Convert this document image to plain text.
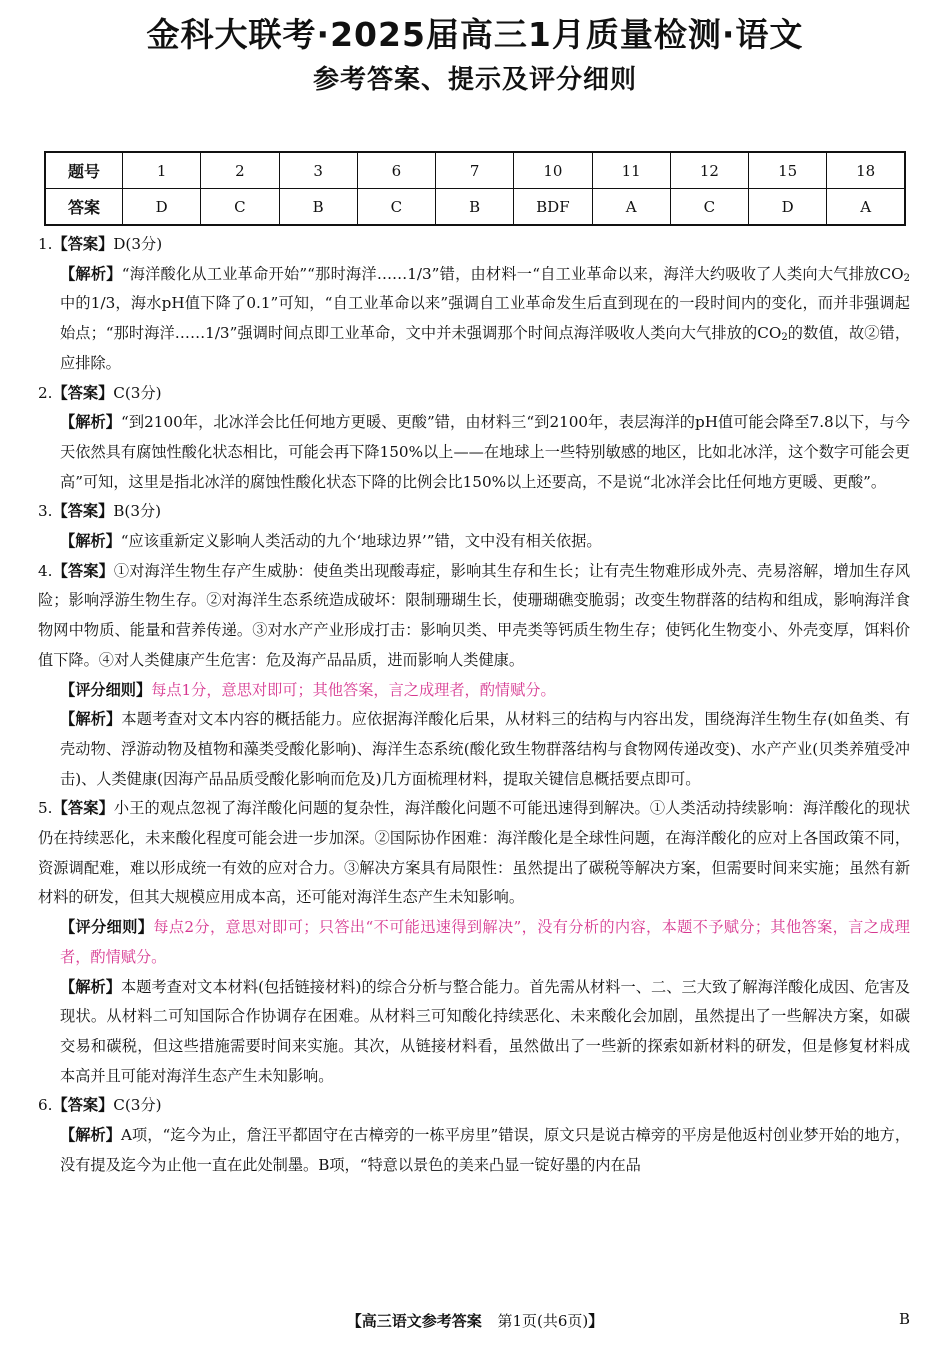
金科大联考·2025届高三1月质量检测·语文
参考答案、提示及评分细则
题号	1	2	3	6	7	10	11	12	15	18
答案	D	C	B	C	B	BDF	A	C	D	A
1.【答案】D(3分)
【解析】“海洋酸化从工业革命开始”“那时海洋……1/3”错，由材料一“自工业革命以来，海洋大约吸收了人类向大气排放$CO_2$中的1/3，海水pH值下降了0.1”可知，“自工业革命以来”强调自工业革命发生后直到现在的一段时间内的变化，而并非强调起始点；“那时海洋……1/3”强调时间点即工业革命，文中并未强调那个时间点海洋吸收人类向大气排放的$CO_2$的数值，故②错，应排除。
2.【答案】C(3分)
【解析】“到2100年，北冰洋会比任何地方更暖、更酸”错，由材料三“到2100年，表层海洋的pH值可能会降至7.8以下，与今天依然具有腐蚀性酸化状态相比，可能会再下降150%以上——在地球上一些特别敏感的地区，比如北冰洋，这个数字可能会更高”可知，这里是指北冰洋的腐蚀性酸化状态下降的比例会比150%以上还要高，不是说“北冰洋会比任何地方更暖、更酸”。
3.【答案】B(3分)
【解析】“应该重新定义影响人类活动的九个‘地球边界’”错，文中没有相关依据。
4.【答案】①对海洋生物生存产生威胁：使鱼类出现酸毒症，影响其生存和生长；让有壳生物难形成外壳、壳易溶解，增加生存风险；影响浮游生物生存。②对海洋生态系统造成破坏：限制珊瑚生长，使珊瑚礁变脆弱；改变生物群落的结构和组成，影响海洋食物网中物质、能量和营养传递。③对水产产业形成打击：影响贝类、甲壳类等钙质生物生存；使钙化生物变小、外壳变厚，饵料价值下降。④对人类健康产生危害：危及海产品品质，进而影响人类健康。
【评分细则】每点1分，意思对即可；其他答案，言之成理者，酌情赋分。
【解析】本题考查对文本内容的概括能力。应依据海洋酸化后果，从材料三的结构与内容出发，围绕海洋生物生存(如鱼类、有壳动物、浮游动物及植物和藻类受酸化影响)、海洋生态系统(酸化致生物群落结构与食物网传递改变)、水产产业(贝类养殖受冲击)、人类健康(因海产品品质受酸化影响而危及)几方面梳理材料，提取关键信息概括要点即可。
5.【答案】小王的观点忽视了海洋酸化问题的复杂性，海洋酸化问题不可能迅速得到解决。①人类活动持续影响：海洋酸化的现状仍在持续恶化，未来酸化程度可能会进一步加深。②国际协作困难：海洋酸化是全球性问题，在海洋酸化的应对上各国政策不同，资源调配难，难以形成统一有效的应对合力。③解决方案具有局限性：虽然提出了碳税等解决方案，但需要时间来实施；虽然有新材料的研发，但其大规模应用成本高，还可能对海洋生态产生未知影响。
【评分细则】每点2分，意思对即可；只答出“不可能迅速得到解决”，没有分析的内容，本题不予赋分；其他答案，言之成理者，酌情赋分。
【解析】本题考查对文本材料(包括链接材料)的综合分析与整合能力。首先需从材料一、二、三大致了解海洋酸化成因、危害及现状。从材料二可知国际合作协调存在困难。从材料三可知酸化持续恶化、未来酸化会加剧，虽然提出了一些解决方案，如碳交易和碳税，但这些措施需要时间来实施。其次，从链接材料看，虽然做出了一些新的探索如新材料的研发，但是修复材料成本高并且可能对海洋生态产生未知影响。
6.【答案】C(3分)
【解析】A项，“迄今为止，詹汪平都固守在古樟旁的一栋平房里”错误，原文只是说古樟旁的平房是他返村创业梦开始的地方，没有提及迄今为止他一直在此处制墨。B项，“特意以景色的美来凸显一锭好墨的内在品
【高三语文参考答案 第1页(共6页)】	B
